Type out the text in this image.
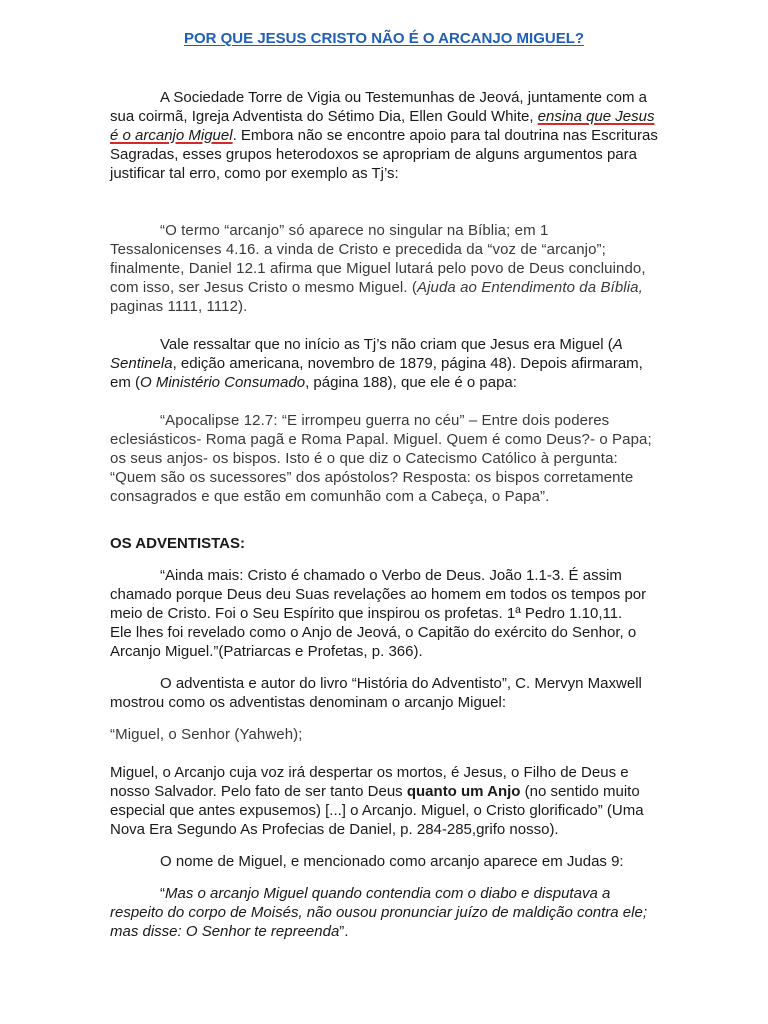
POR QUE JESUS CRISTO NÃO É O ARCANJO MIGUEL?

A Sociedade Torre de Vigia ou Testemunhas de Jeová, juntamente com a sua coirmã, Igreja Adventista do Sétimo Dia, Ellen Gould White, ensina que Jesus é o arcanjo Miguel. Embora não se encontre apoio para tal doutrina nas Escrituras Sagradas, esses grupos heterodoxos se apropriam de alguns argumentos para justificar tal erro, como por exemplo as Tj’s:

“O termo “arcanjo” só aparece no singular na Bíblia; em 1 Tessalonicenses 4.16. a vinda de Cristo e precedida da “voz de “arcanjo”; finalmente, Daniel 12.1 afirma que Miguel lutará pelo povo de Deus concluindo, com isso, ser Jesus Cristo o mesmo Miguel. (Ajuda ao Entendimento da Bíblia, paginas 1111, 1112).

Vale ressaltar que no início as Tj’s não criam que Jesus era Miguel (A Sentinela, edição americana, novembro de 1879, página 48). Depois afirmaram, em (O Ministério Consumado, página 188), que ele é o papa:

“Apocalipse 12.7: “E irrompeu guerra no céu” – Entre dois poderes eclesiásticos- Roma pagã e Roma Papal. Miguel. Quem é como Deus?- o Papa; os seus anjos- os bispos. Isto é o que diz o Catecismo Católico à pergunta: “Quem são os sucessores” dos apóstolos? Resposta: os bispos corretamente consagrados e que estão em comunhão com a Cabeça, o Papa”.

OS ADVENTISTAS:

“Ainda mais: Cristo é chamado o Verbo de Deus. João 1.1-3. É assim chamado porque Deus deu Suas revelações ao homem em todos os tempos por meio de Cristo. Foi o Seu Espírito que inspirou os profetas. 1ª Pedro 1.10,11.

Ele lhes foi revelado como o Anjo de Jeová, o Capitão do exército do Senhor, o Arcanjo Miguel.”(Patriarcas e Profetas, p. 366).

O adventista e autor do livro “História do Adventisto”, C. Mervyn Maxwell mostrou como os adventistas denominam o arcanjo Miguel:

“Miguel, o Senhor (Yahweh);

Miguel, o Arcanjo cuja voz irá despertar os mortos, é Jesus, o Filho de Deus e nosso Salvador. Pelo fato de ser tanto Deus quanto um Anjo (no sentido muito especial que antes expusemos) [...] o Arcanjo. Miguel, o Cristo glorificado” (Uma Nova Era Segundo As Profecias de Daniel, p. 284-285,grifo nosso).

O nome de Miguel, e mencionado como arcanjo aparece em Judas 9:

“Mas o arcanjo Miguel quando contendia com o diabo e disputava a respeito do corpo de Moisés, não ousou pronunciar juízo de maldição contra ele; mas disse: O Senhor te repreenda”.
